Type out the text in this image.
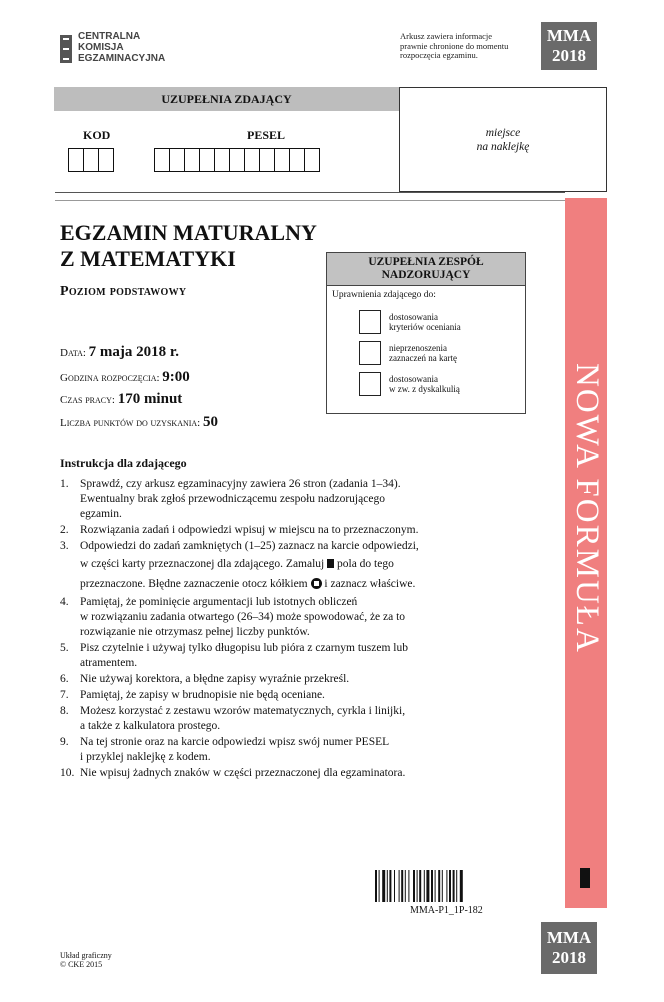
CENTRALNA
KOMISJA
EGZAMINACYJNA
Arkusz zawiera informacje
prawnie chronione do momentu
rozpoczęcia egzaminu.
MMA
2018
UZUPEŁNIA ZDAJĄCY
KOD	PESEL	miejsce
na naklejkę
EGZAMIN MATURALNY
Z MATEMATYKI
Poziom podstawowy
Data: 7 maja 2018 r.
Godzina rozpoczęcia: 9:00
Czas pracy: 170 minut
Liczba punktów do uzyskania: 50
UZUPEŁNIA ZESPÓŁ
NADZORUJĄCY
Uprawnienia zdającego do:
dostosowania
kryteriów oceniania
nieprzenoszenia
zaznaczeń na kartę
dostosowania
w zw. z dyskalkulią	NOWA FORMUŁA
Instrukcja dla zdającego
1. Sprawdź, czy arkusz egzaminacyjny zawiera 26 stron (zadania 1–34).
Ewentualny brak zgłoś przewodniczącemu zespołu nadzorującego
egzamin.
2. Rozwiązania zadań i odpowiedzi wpisuj w miejscu na to przeznaczonym.
3. Odpowiedzi do zadań zamkniętych (1–25) zaznacz na karcie odpowiedzi,
w części karty przeznaczonej dla zdającego. Zamaluj pola do tego
przeznaczone. Błędne zaznaczenie otocz kółkiem i zaznacz właściwe.
4. Pamiętaj, że pominięcie argumentacji lub istotnych obliczeń
w rozwiązaniu zadania otwartego (26–34) może spowodować, że za to
rozwiązanie nie otrzymasz pełnej liczby punktów.
5. Pisz czytelnie i używaj tylko długopisu lub pióra z czarnym tuszem lub
atramentem.
6. Nie używaj korektora, a błędne zapisy wyraźnie przekreśl.
7. Pamiętaj, że zapisy w brudnopisie nie będą oceniane.
8. Możesz korzystać z zestawu wzorów matematycznych, cyrkla i linijki,
a także z kalkulatora prostego.
9. Na tej stronie oraz na karcie odpowiedzi wpisz swój numer PESEL
i przyklej naklejkę z kodem.
10. Nie wpisuj żadnych znaków w części przeznaczonej dla egzaminatora.
MMA-P1_1P-182
Układ graficzny
© CKE 2015
MMA
2018
